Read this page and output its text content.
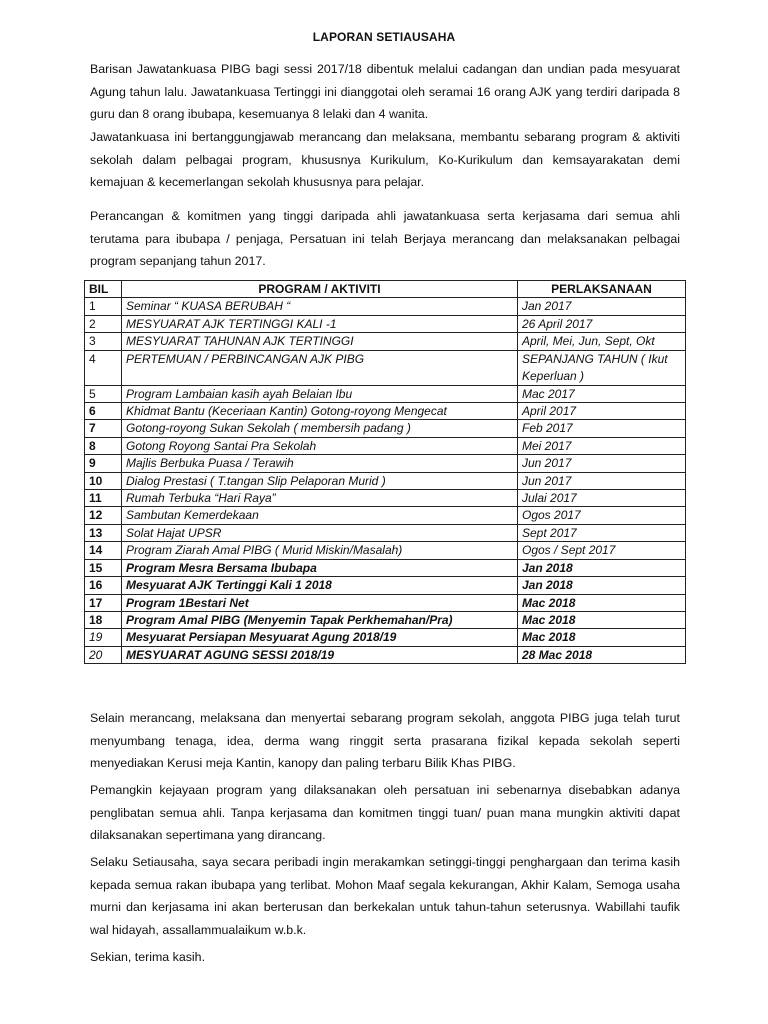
LAPORAN SETIAUSAHA

Barisan Jawatankuasa PIBG bagi sessi 2017/18 dibentuk melalui cadangan dan undian pada mesyuarat Agung tahun lalu. Jawatankuasa Tertinggi ini dianggotai oleh seramai 16 orang AJK yang terdiri daripada 8 guru dan 8 orang ibubapa, kesemuanya 8 lelaki dan 4 wanita.

Jawatankuasa ini bertanggungjawab merancang dan melaksana, membantu sebarang program & aktiviti sekolah dalam pelbagai program, khususnya Kurikulum, Ko-Kurikulum dan kemsayarakatan demi kemajuan & kecemerlangan sekolah khususnya para pelajar.

Perancangan & komitmen yang tinggi daripada ahli jawatankuasa serta kerjasama dari semua ahli terutama para ibubapa / penjaga, Persatuan ini telah Berjaya merancang dan melaksanakan pelbagai program sepanjang tahun 2017.

BIL	PROGRAM / AKTIVITI	PERLAKSANAAN
1	Seminar “ KUASA BERUBAH “	Jan 2017
2	MESYUARAT AJK TERTINGGI KALI -1	26 April 2017
3	MESYUARAT TAHUNAN AJK TERTINGGI	April, Mei, Jun, Sept, Okt
4	PERTEMUAN / PERBINCANGAN AJK PIBG	SEPANJANG TAHUN ( Ikut Keperluan )
5	Program Lambaian kasih ayah Belaian Ibu	Mac 2017
6	Khidmat Bantu (Keceriaan Kantin) Gotong-royong Mengecat	April 2017
7	Gotong-royong Sukan Sekolah ( membersih padang )	Feb 2017
8	Gotong Royong Santai Pra Sekolah	Mei 2017
9	Majlis Berbuka Puasa / Terawih	Jun 2017
10	Dialog Prestasi ( T.tangan Slip Pelaporan Murid )	Jun 2017
11	Rumah Terbuka “Hari Raya”	Julai 2017
12	Sambutan Kemerdekaan	Ogos 2017
13	Solat Hajat UPSR	Sept 2017
14	Program Ziarah Amal PIBG ( Murid Miskin/Masalah)	Ogos / Sept 2017
15	Program Mesra Bersama Ibubapa	Jan 2018
16	Mesyuarat AJK Tertinggi Kali 1 2018	Jan 2018
17	Program 1Bestari Net	Mac 2018
18	Program Amal PIBG (Menyemin Tapak Perkhemahan/Pra)	Mac 2018
19	Mesyuarat Persiapan Mesyuarat Agung 2018/19	Mac 2018
20	MESYUARAT AGUNG SESSI 2018/19	28 Mac 2018

Selain merancang, melaksana dan menyertai sebarang program sekolah, anggota PIBG juga telah turut menyumbang tenaga, idea, derma wang ringgit serta prasarana fizikal kepada sekolah seperti menyediakan Kerusi meja Kantin, kanopy dan paling terbaru Bilik Khas PIBG.

Pemangkin kejayaan program yang dilaksanakan oleh persatuan ini sebenarnya disebabkan adanya penglibatan semua ahli. Tanpa kerjasama dan komitmen tinggi tuan/ puan mana mungkin aktiviti dapat dilaksanakan sepertimana yang dirancang.

Selaku Setiausaha, saya secara peribadi ingin merakamkan setinggi-tinggi penghargaan dan terima kasih kepada semua rakan ibubapa yang terlibat. Mohon Maaf segala kekurangan, Akhir Kalam, Semoga usaha murni dan kerjasama ini akan berterusan dan berkekalan untuk tahun-tahun seterusnya. Wabillahi taufik wal hidayah, assallammualaikum w.b.k.

Sekian, terima kasih.
